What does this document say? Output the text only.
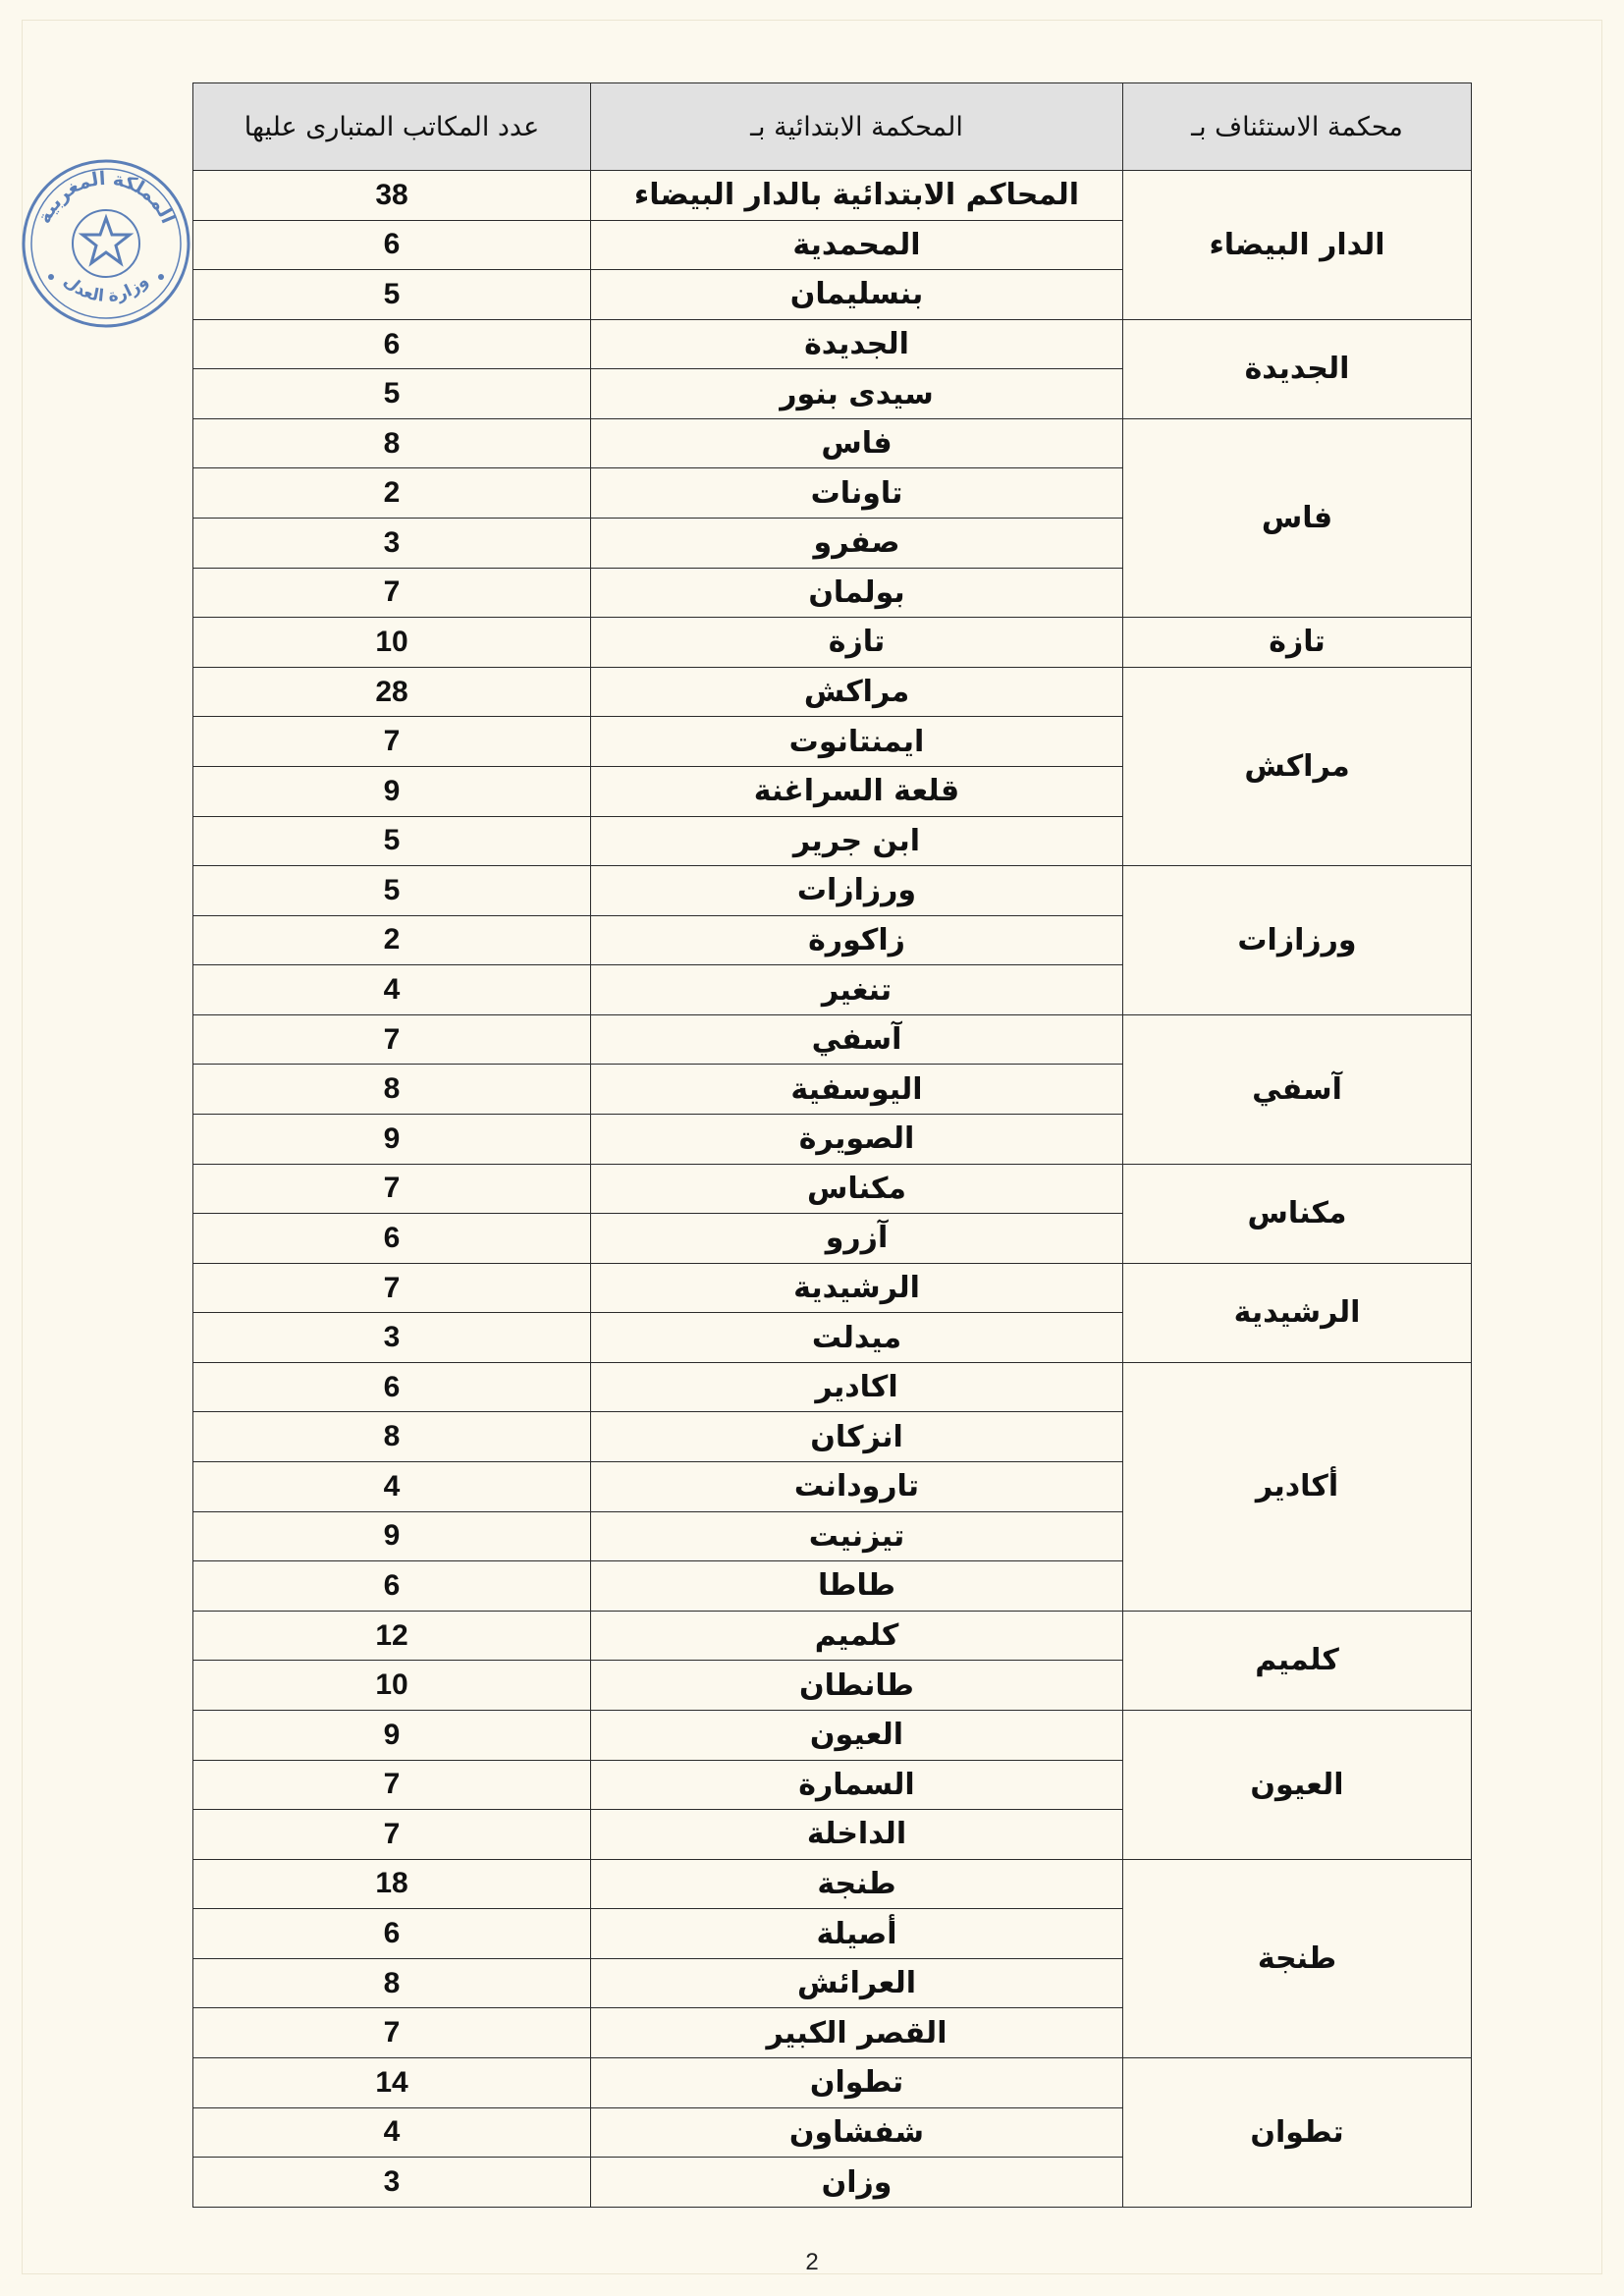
المملكة المغربية
وزارة العدل
محكمة الاستئناف بـ	المحكمة الابتدائية بـ	عدد المكاتب المتبارى عليها
الدار البيضاء	المحاكم الابتدائية بالدار البيضاء	38
	المحمدية	6
	بنسليمان	5
الجديدة	الجديدة	6
	سيدى بنور	5
فاس	فاس	8
	تاونات	2
	صفرو	3
	بولمان	7
تازة	تازة	10
مراكش	مراكش	28
	ايمنتانوت	7
	قلعة السراغنة	9
	ابن جرير	5
ورزازات	ورزازات	5
	زاكورة	2
	تنغير	4
آسفي	آسفي	7
	اليوسفية	8
	الصويرة	9
مكناس	مكناس	7
	آزرو	6
الرشيدية	الرشيدية	7
	ميدلت	3
أكادير	اكادير	6
	انزكان	8
	تارودانت	4
	تيزنيت	9
	طاطا	6
كلميم	كلميم	12
	طانطان	10
العيون	العيون	9
	السمارة	7
	الداخلة	7
طنجة	طنجة	18
	أصيلة	6
	العرائش	8
	القصر الكبير	7
تطوان	تطوان	14
	شفشاون	4
	وزان	3
2
